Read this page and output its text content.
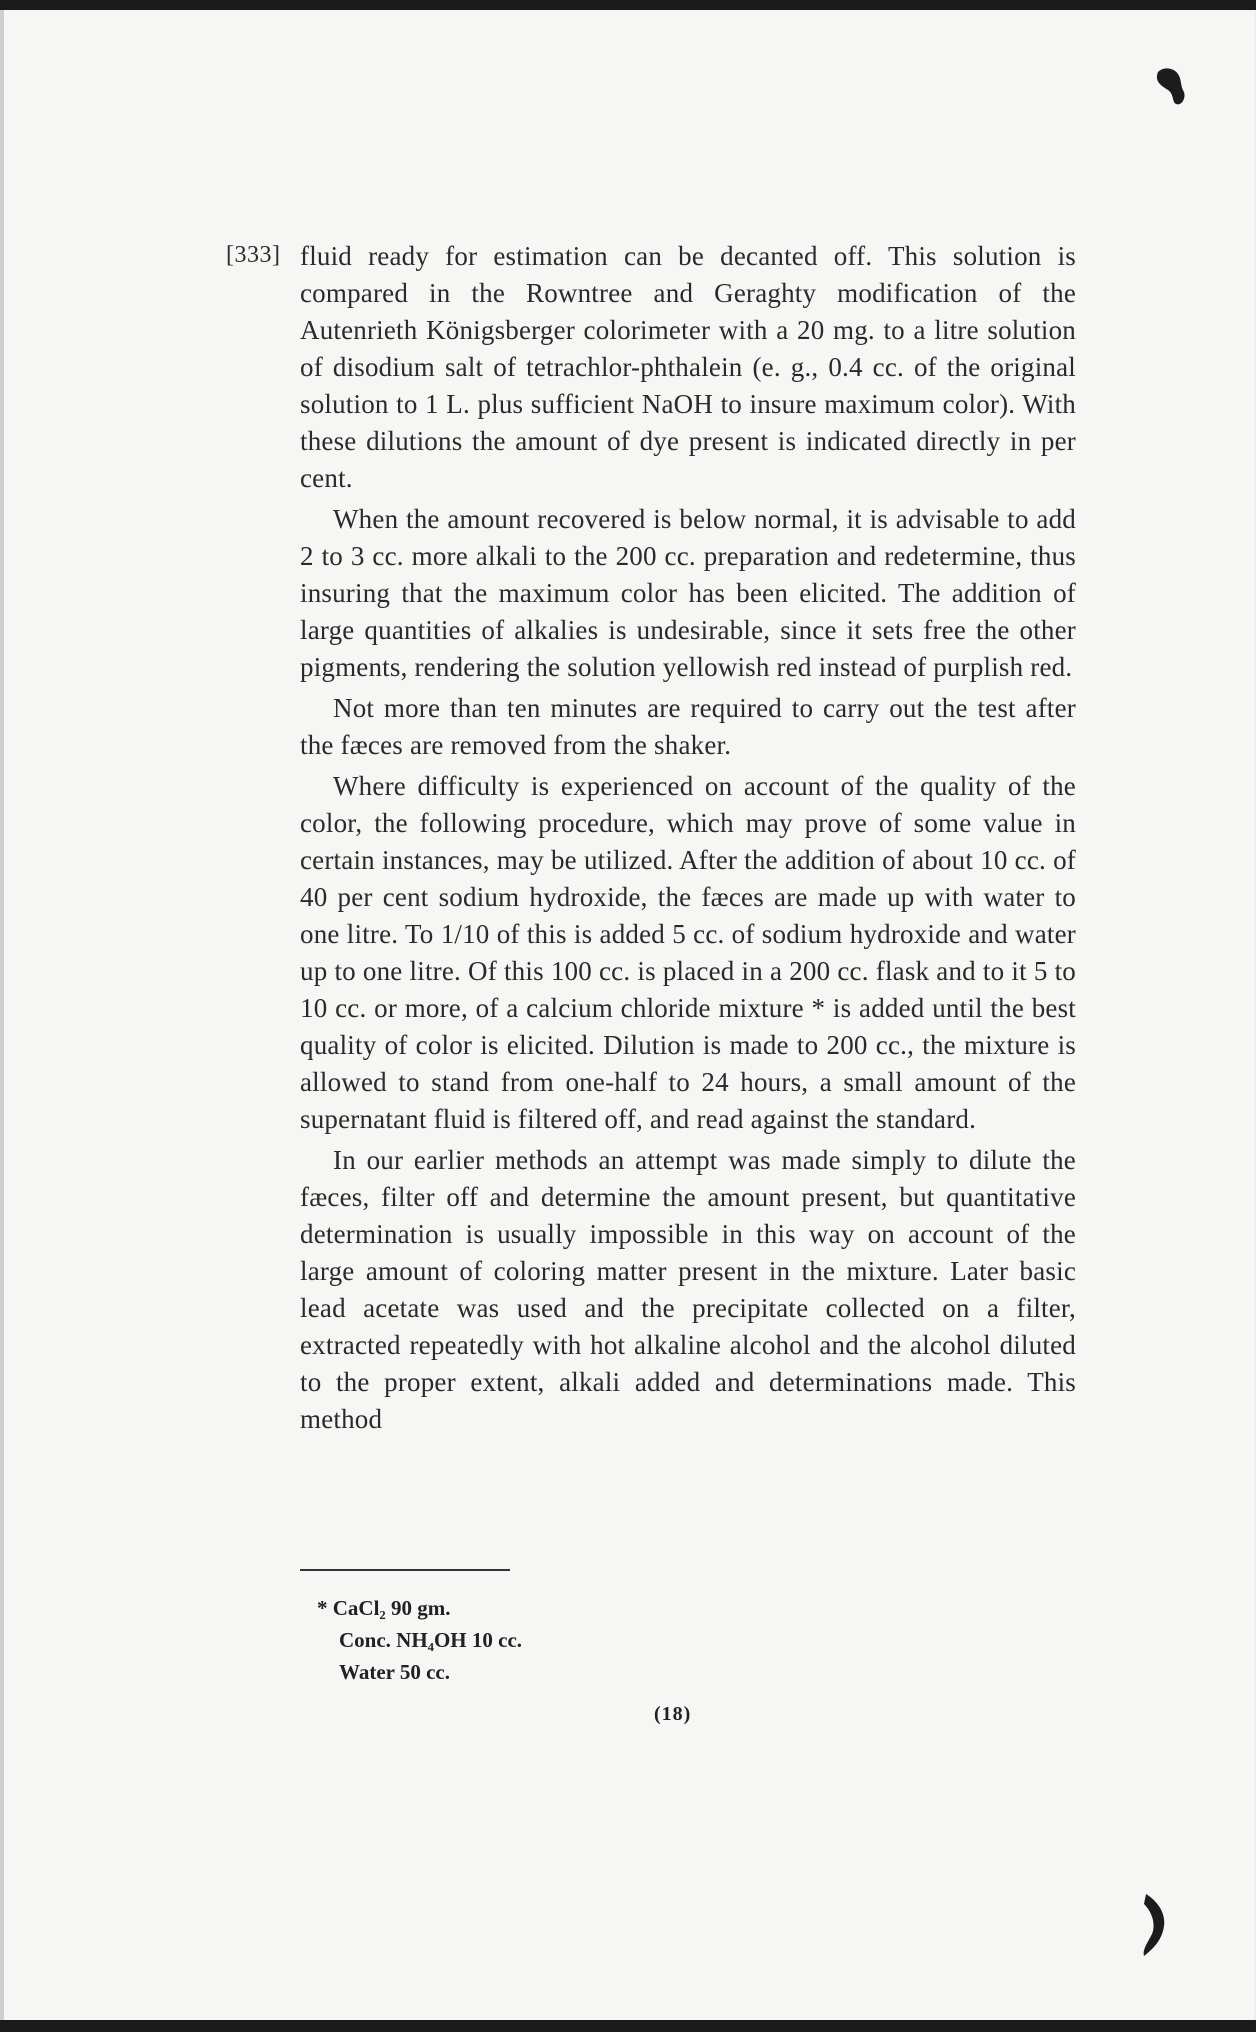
[333] fluid ready for estimation can be decanted off. This solution is compared in the Rowntree and Geraghty modification of the Autenrieth Königsberger colorimeter with a 20 mg. to a litre solution of disodium salt of tetrachlor-phthalein (e. g., 0.4 cc. of the original solution to 1 L. plus sufficient NaOH to insure maximum color). With these dilutions the amount of dye present is indicated directly in per cent.

When the amount recovered is below normal, it is advisable to add 2 to 3 cc. more alkali to the 200 cc. preparation and redetermine, thus insuring that the maximum color has been elicited. The addition of large quantities of alkalies is undesirable, since it sets free the other pigments, rendering the solution yellowish red instead of purplish red.

Not more than ten minutes are required to carry out the test after the fæces are removed from the shaker.

Where difficulty is experienced on account of the quality of the color, the following procedure, which may prove of some value in certain instances, may be utilized. After the addition of about 10 cc. of 40 per cent sodium hydroxide, the fæces are made up with water to one litre. To 1/10 of this is added 5 cc. of sodium hydroxide and water up to one litre. Of this 100 cc. is placed in a 200 cc. flask and to it 5 to 10 cc. or more, of a calcium chloride mixture * is added until the best quality of color is elicited. Dilution is made to 200 cc., the mixture is allowed to stand from one-half to 24 hours, a small amount of the supernatant fluid is filtered off, and read against the standard.

In our earlier methods an attempt was made simply to dilute the fæces, filter off and determine the amount present, but quantitative determination is usually impossible in this way on account of the large amount of coloring matter present in the mixture. Later basic lead acetate was used and the precipitate collected on a filter, extracted repeatedly with hot alkaline alcohol and the alcohol diluted to the proper extent, alkali added and determinations made. This method

* CaCl₂ 90 gm.
Conc. NH₄OH 10 cc.
Water 50 cc.
(18)
